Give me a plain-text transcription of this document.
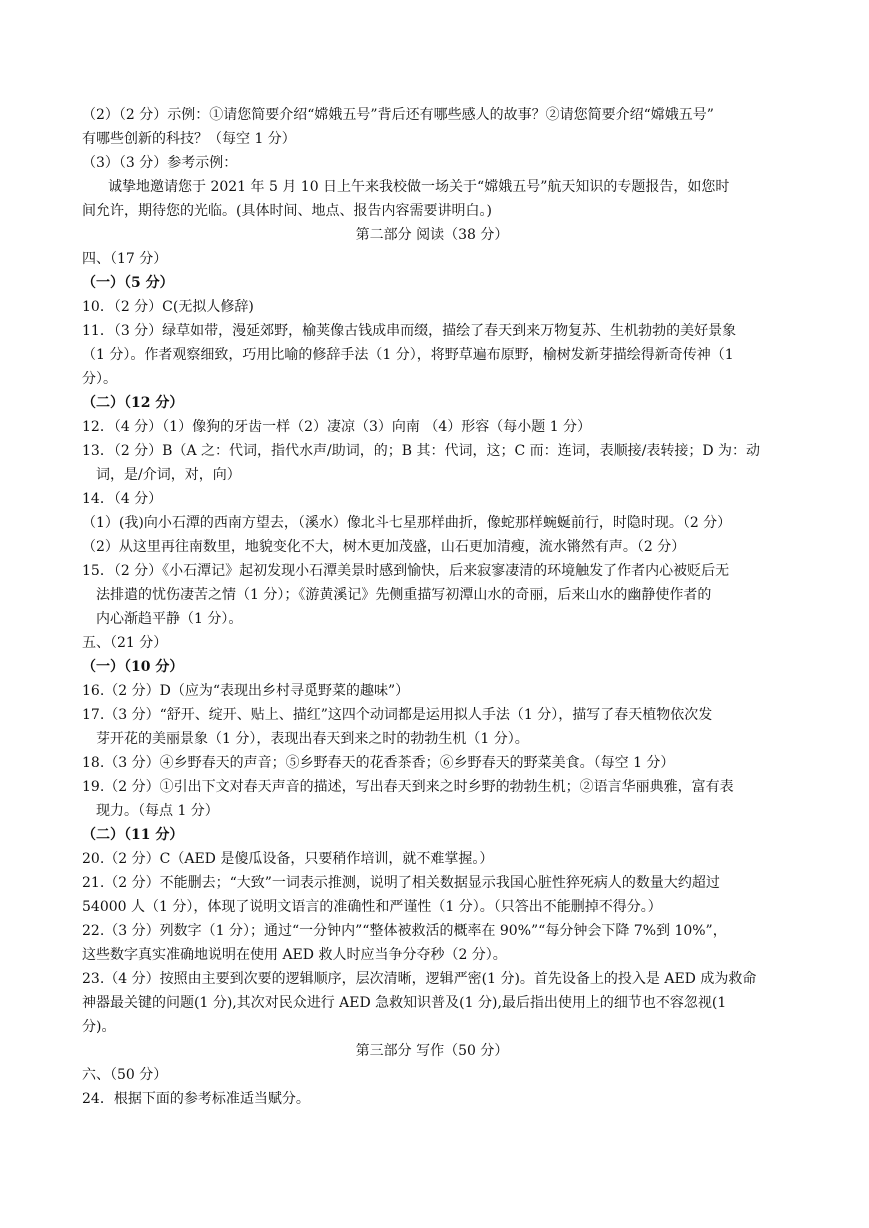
（2）（2 分）示例：①请您简要介绍“嫦娥五号”背后还有哪些感人的故事？②请您简要介绍“嫦娥五号”
有哪些创新的科技？（每空 1 分）
（3）（3 分）参考示例：
诚挚地邀请您于 2021 年 5 月 10 日上午来我校做一场关于“嫦娥五号”航天知识的专题报告，如您时
间允许，期待您的光临。(具体时间、地点、报告内容需要讲明白。)
第二部分 阅读（38 分）
四、（17 分）
（一）（5 分）
10．（2 分）C(无拟人修辞)
11．（3 分）绿草如带，漫延郊野，榆荚像古钱成串而缀，描绘了春天到来万物复苏、生机勃勃的美好景象
（1 分）。作者观察细致，巧用比喻的修辞手法（1 分），将野草遍布原野，榆树发新芽描绘得新奇传神（1
分）。
（二）（12 分）
12．（4 分）（1）像狗的牙齿一样（2）凄凉（3）向南 （4）形容（每小题 1 分）
13．（2 分）B（A 之：代词，指代水声/助词，的；B 其：代词，这；C 而：连词，表顺接/表转接；D 为：动
词，是/介词，对，向）
14．（4 分）
（1）(我)向小石潭的西南方望去，（溪水）像北斗七星那样曲折，像蛇那样蜿蜒前行，时隐时现。（2 分）
（2）从这里再往南数里，地貌变化不大，树木更加茂盛，山石更加清瘦，流水锵然有声。（2 分）
15．（2 分）《小石潭记》起初发现小石潭美景时感到愉快，后来寂寥凄清的环境触发了作者内心被贬后无
法排遣的忧伤凄苦之情（1 分）；《游黄溪记》先侧重描写初潭山水的奇丽，后来山水的幽静使作者的
内心渐趋平静（1 分）。
五、（21 分）
（一）（10 分）
16.（2 分）D（应为“表现出乡村寻觅野菜的趣味”）
17.（3 分）“舒开、绽开、贴上、描红”这四个动词都是运用拟人手法（1 分），描写了春天植物依次发
芽开花的美丽景象（1 分），表现出春天到来之时的勃勃生机（1 分）。
18.（3 分）④乡野春天的声音；⑤乡野春天的花香茶香；⑥乡野春天的野菜美食。（每空 1 分）
19.（2 分）①引出下文对春天声音的描述，写出春天到来之时乡野的勃勃生机；②语言华丽典雅，富有表
现力。（每点 1 分）
（二）（11 分）
20.（2 分）C（AED 是傻瓜设备，只要稍作培训，就不难掌握。）
21.（2 分）不能删去；“大致”一词表示推测，说明了相关数据显示我国心脏性猝死病人的数量大约超过
54000 人（1 分），体现了说明文语言的准确性和严谨性（1 分）。（只答出不能删掉不得分。）
22.（3 分）列数字（1 分）；通过“一分钟内”“整体被救活的概率在 90%”“每分钟会下降 7%到 10%”，
这些数字真实准确地说明在使用 AED 救人时应当争分夺秒（2 分）。
23.（4 分）按照由主要到次要的逻辑顺序，层次清晰，逻辑严密(1 分)。首先设备上的投入是 AED 成为救命
神器最关键的问题(1 分),其次对民众进行 AED 急救知识普及(1 分),最后指出使用上的细节也不容忽视(1
分)。
第三部分 写作（50 分）
六、（50 分）
24．根据下面的参考标准适当赋分。
